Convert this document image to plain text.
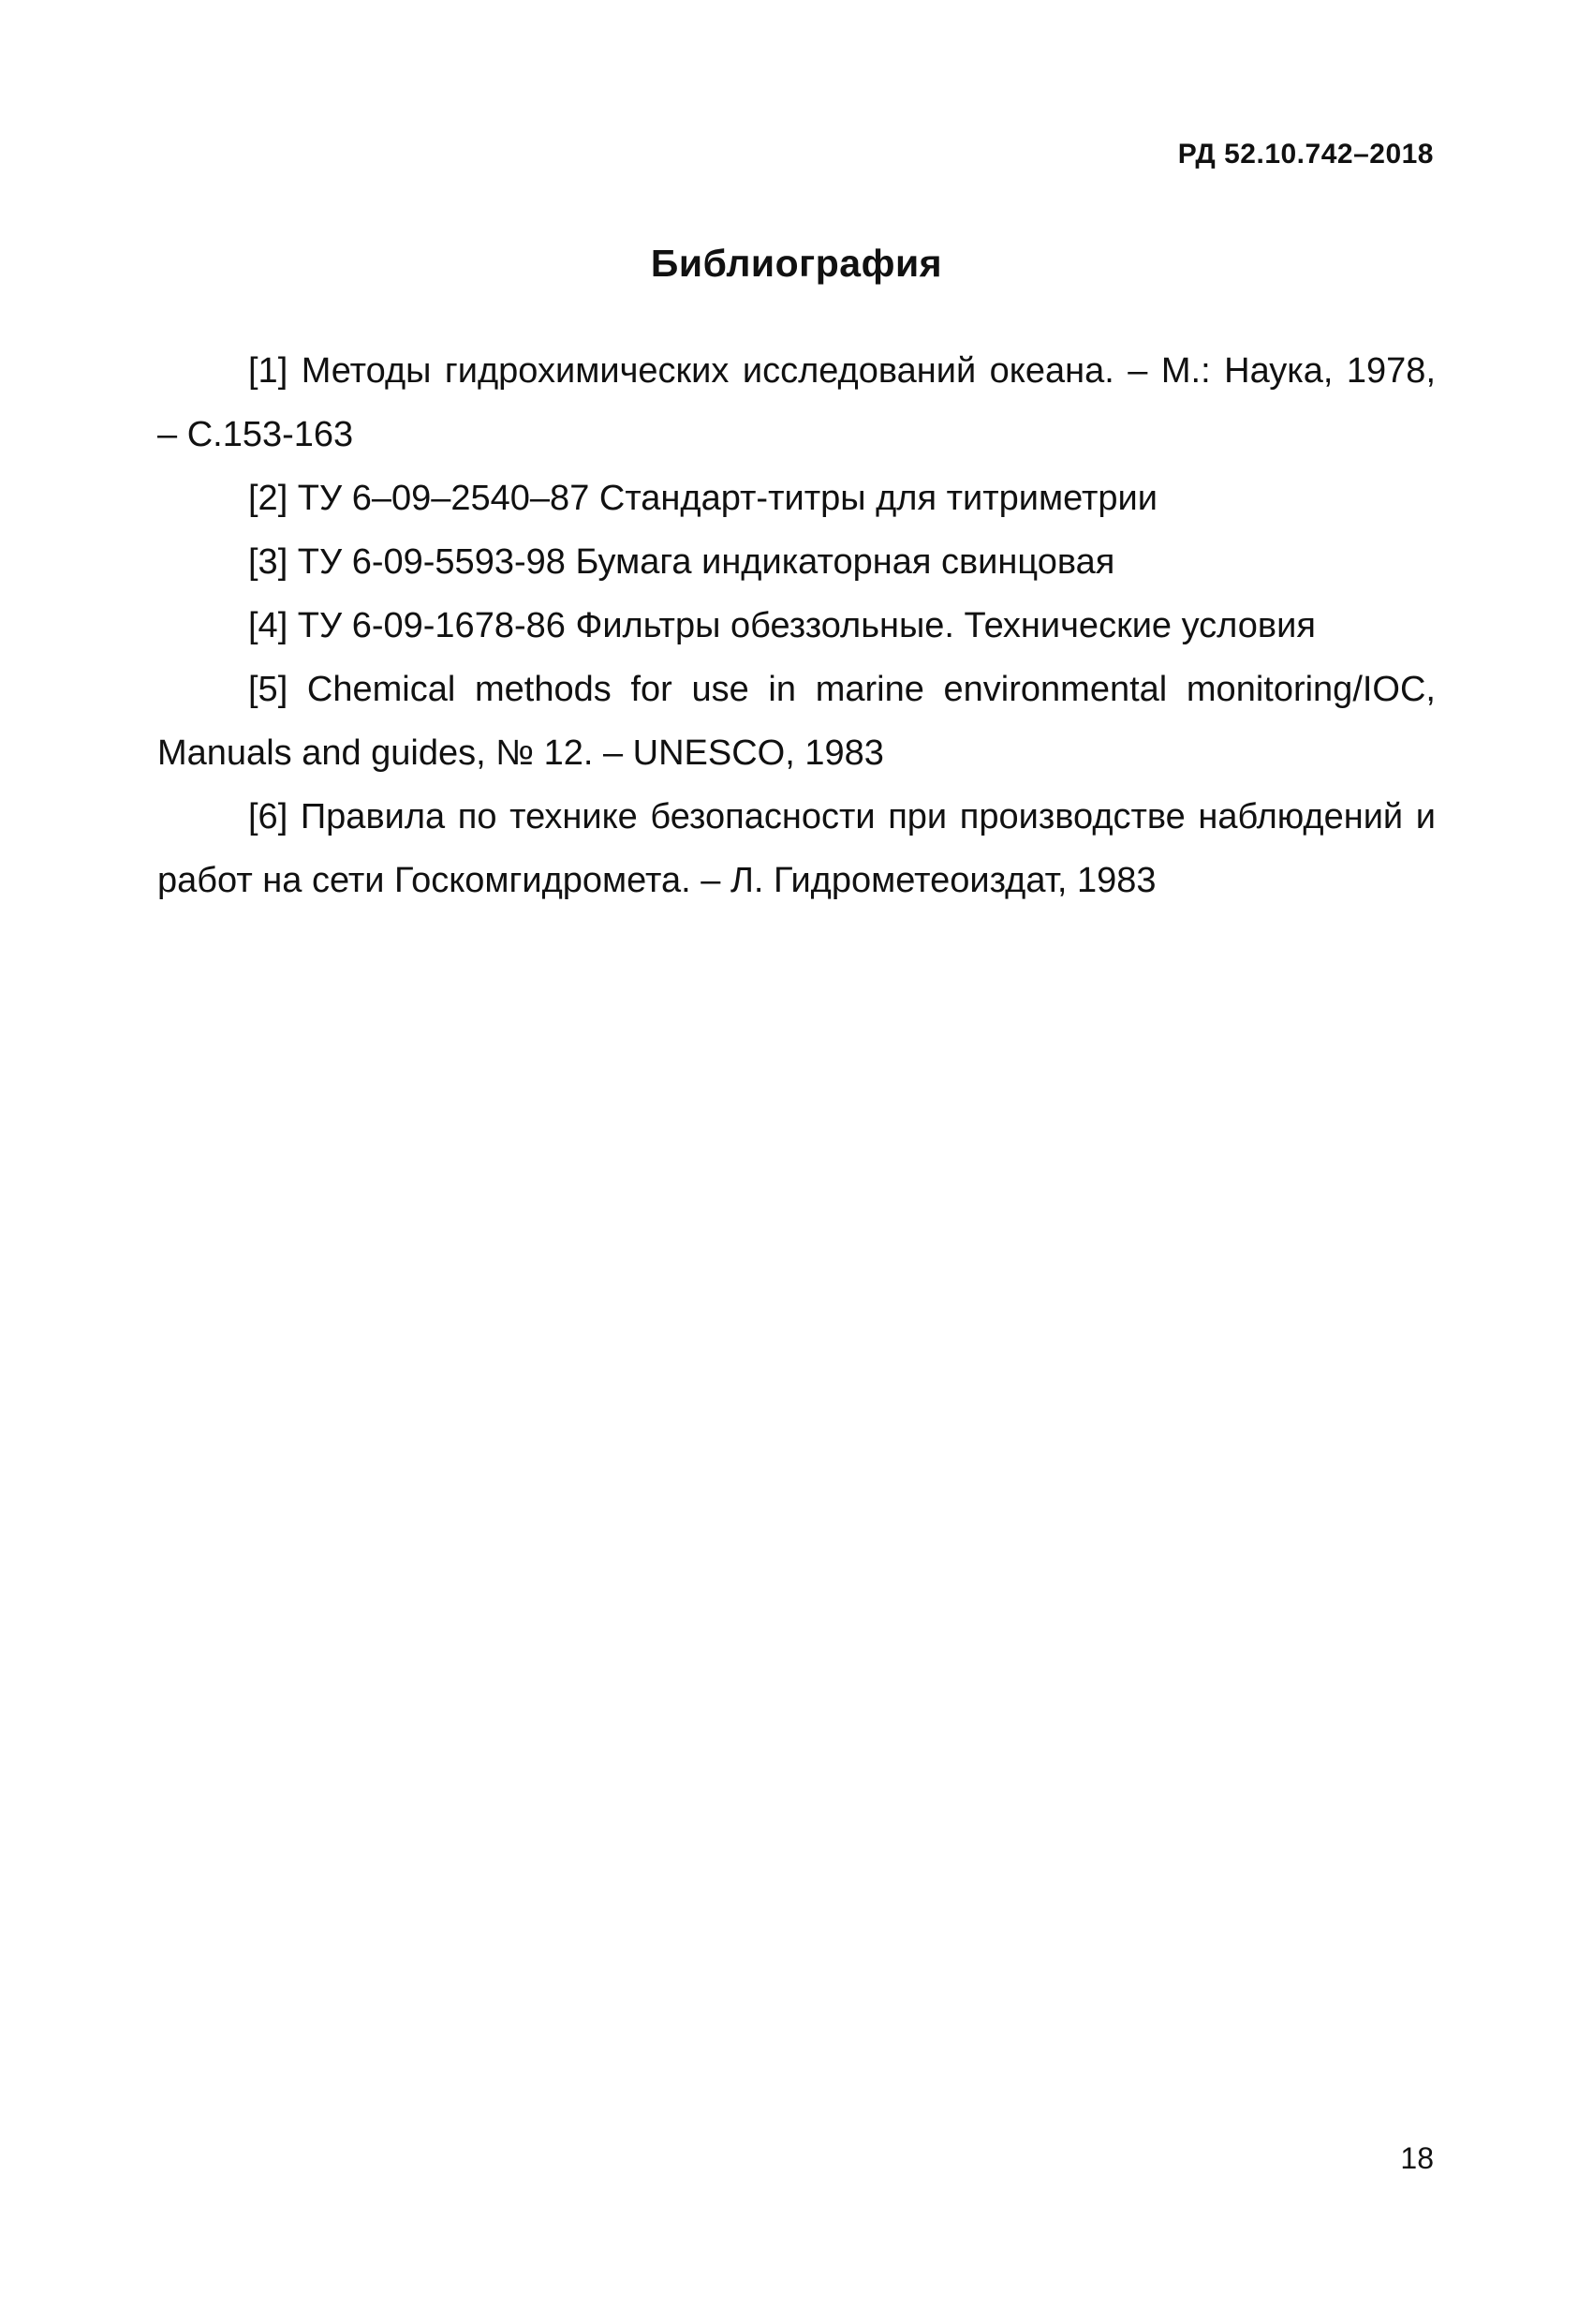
РД 52.10.742–2018
Библиография

[1] Методы гидрохимических исследований океана. – М.: Наука, 1978, – С.153-163

[2] ТУ 6–09–2540–87 Стандарт-титры для титриметрии

[3] ТУ 6-09-5593-98 Бумага индикаторная свинцовая

[4] ТУ 6-09-1678-86 Фильтры обеззольные. Технические условия

[5] Chemical methods for use in marine environmental monitoring/IOC, Manuals and guides, № 12. – UNESCO, 1983

[6] Правила по технике безопасности при производстве наблюдений и работ на сети Госкомгидромета. – Л. Гидрометеоиздат, 1983

18
